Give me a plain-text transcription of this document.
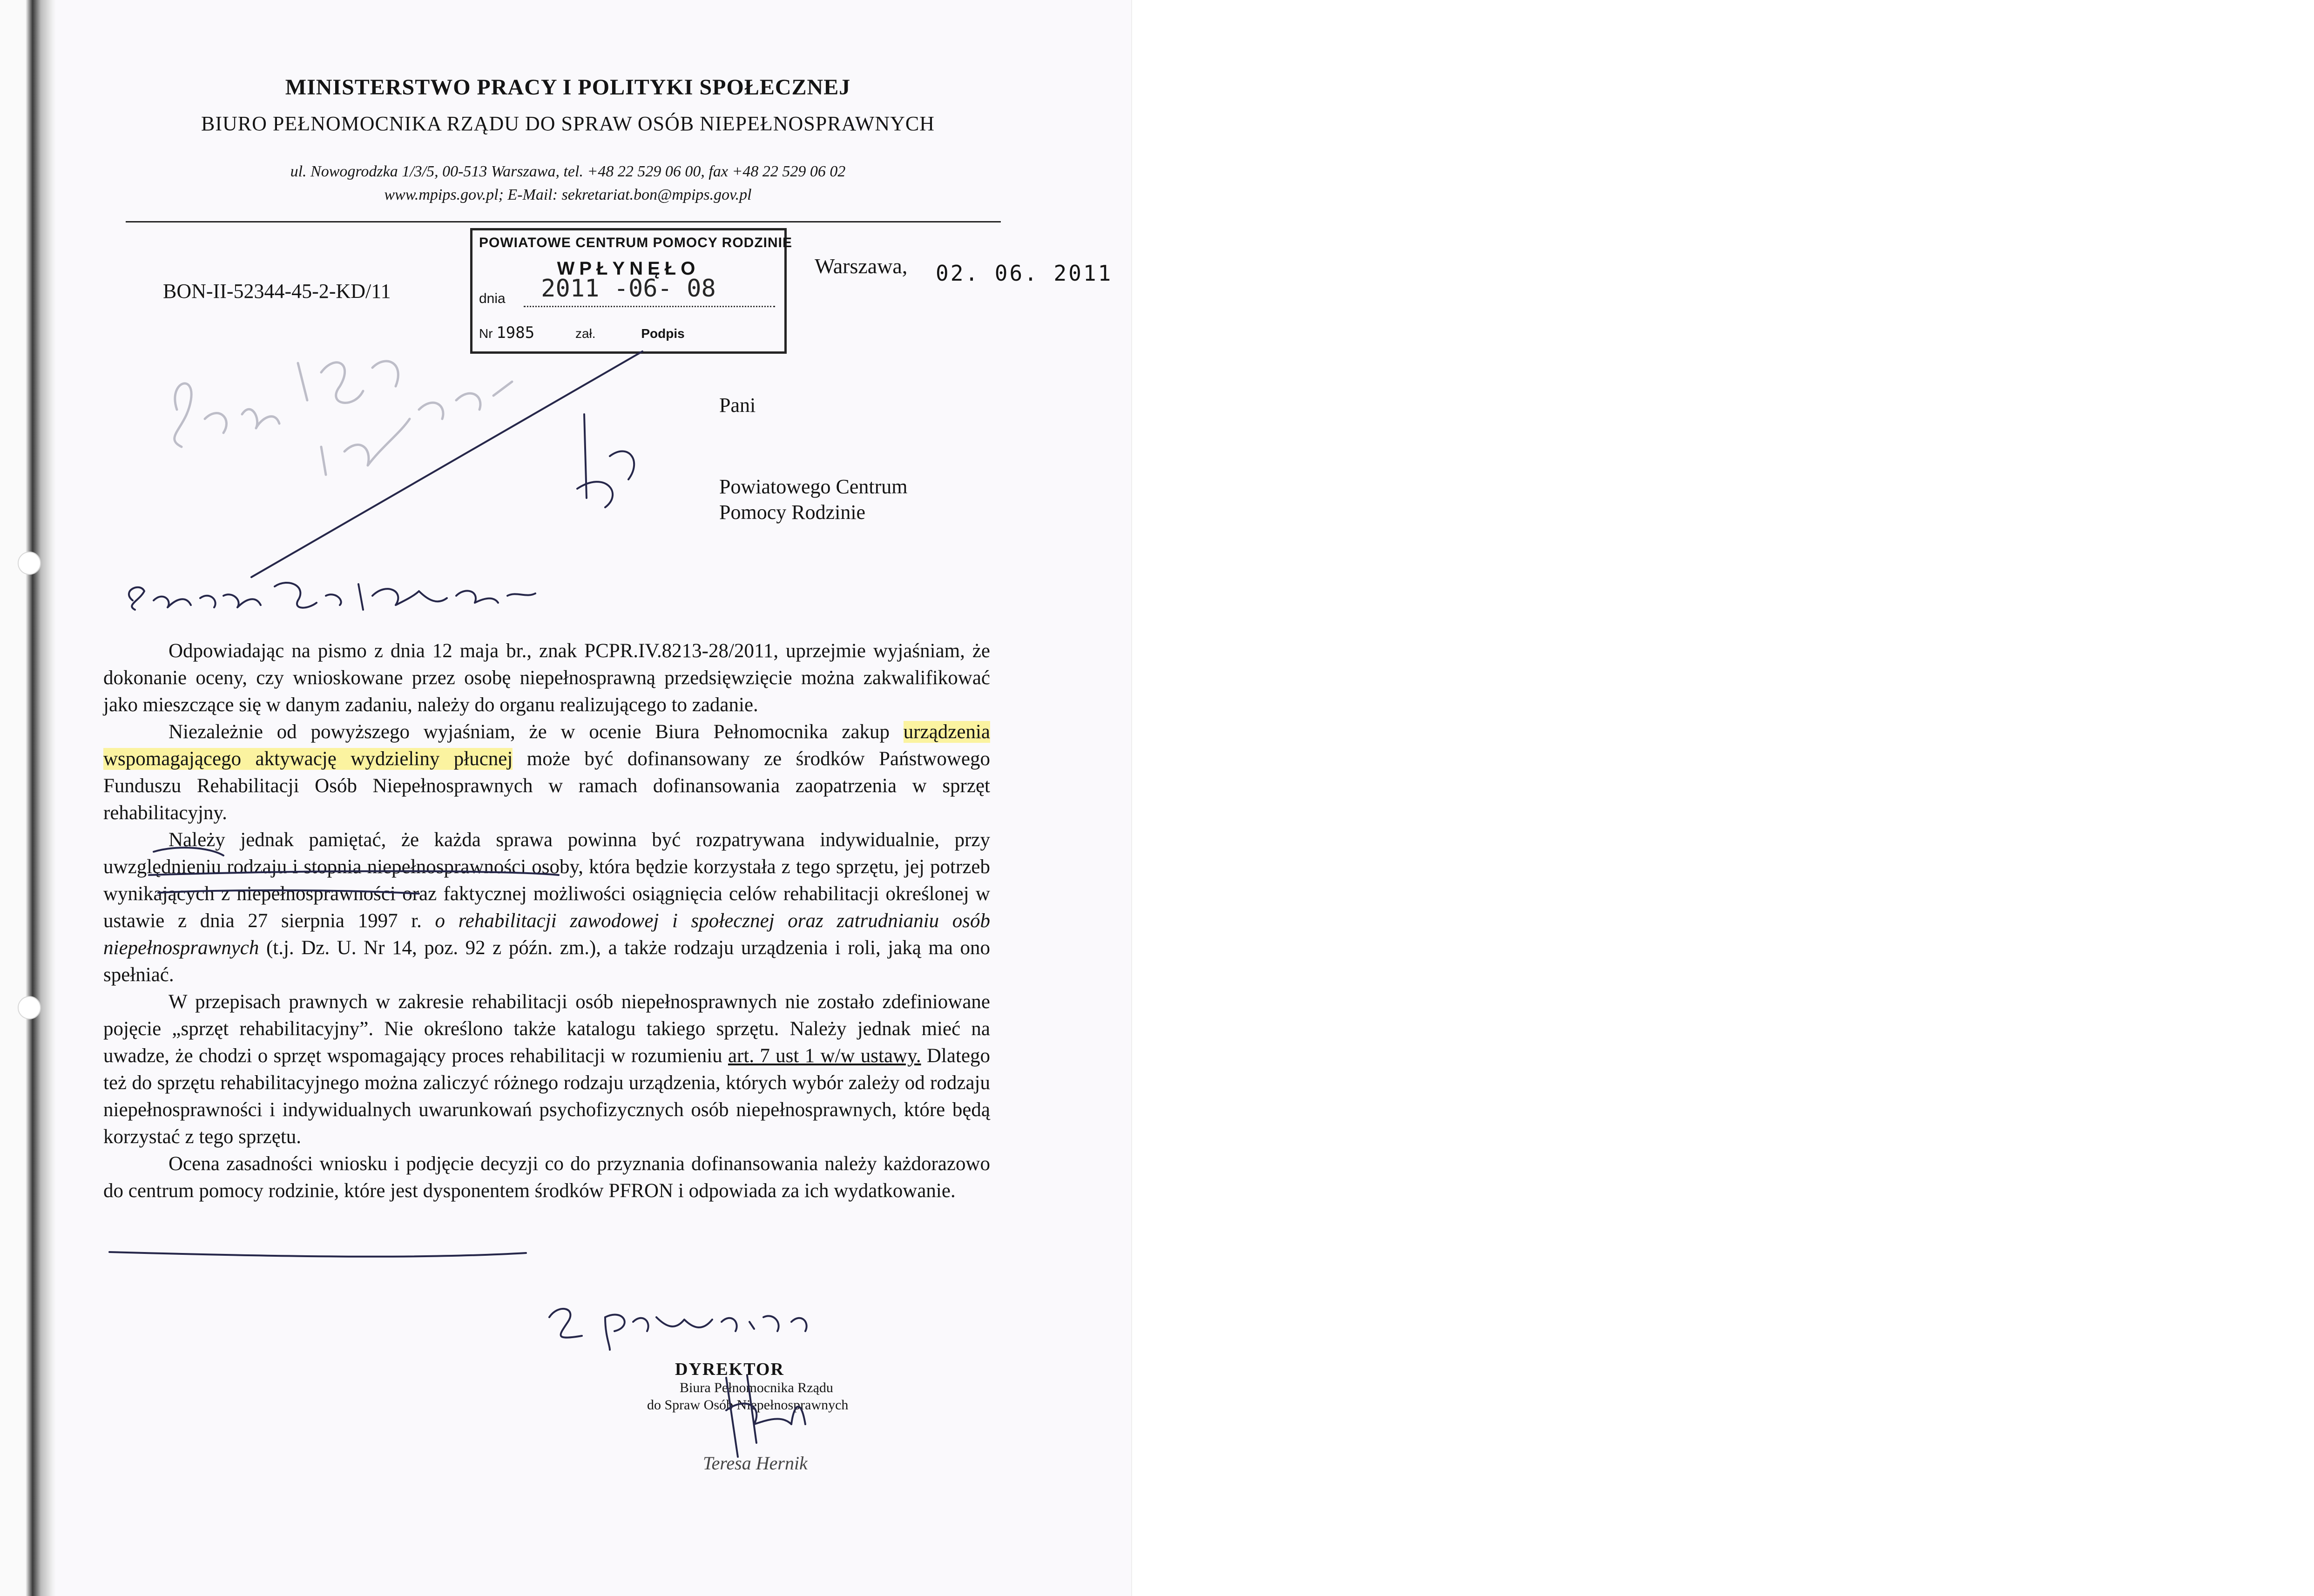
MINISTERSTWO PRACY I POLITYKI SPOŁECZNEJ
BIURO PEŁNOMOCNIKA RZĄDU DO SPRAW OSÓB NIEPEŁNOSPRAWNYCH
ul. Nowogrodzka 1/3/5, 00-513 Warszawa, tel. +48 22 529 06 00, fax +48 22 529 06 02
www.mpips.gov.pl; E-Mail: sekretariat.bon@mpips.gov.pl
POWIATOWE CENTRUM POMOCY RODZINIE
WPŁYNĘŁO
2011 -06- 08
dnia
Nr 1985	zał.	Podpis
Warszawa, 02. 06. 2011
BON-II-52344-45-2-KD/11
Pani
Powiatowego Centrum
Pomocy Rodzinie

Odpowiadając na pismo z dnia 12 maja br., znak PCPR.IV.8213-28/2011, uprzejmie wyjaśniam, że dokonanie oceny, czy wnioskowane przez osobę niepełnosprawną przedsięwzięcie można zakwalifikować jako mieszczące się w danym zadaniu, należy do organu realizującego to zadanie.

Niezależnie od powyższego wyjaśniam, że w ocenie Biura Pełnomocnika zakup urządzenia wspomagającego aktywację wydzieliny płucnej może być dofinansowany ze środków Państwowego Funduszu Rehabilitacji Osób Niepełnosprawnych w ramach dofinansowania zaopatrzenia w sprzęt rehabilitacyjny.

Należy jednak pamiętać, że każda sprawa powinna być rozpatrywana indywidualnie, przy uwzględnieniu rodzaju i stopnia niepełnosprawności osoby, która będzie korzystała z tego sprzętu, jej potrzeb wynikających z niepełnosprawności oraz faktycznej możliwości osiągnięcia celów rehabilitacji określonej w ustawie z dnia 27 sierpnia 1997 r. o rehabilitacji zawodowej i społecznej oraz zatrudnianiu osób niepełnosprawnych (t.j. Dz. U. Nr 14, poz. 92 z późn. zm.), a także rodzaju urządzenia i roli, jaką ma ono spełniać.

W przepisach prawnych w zakresie rehabilitacji osób niepełnosprawnych nie zostało zdefiniowane pojęcie „sprzęt rehabilitacyjny”. Nie określono także katalogu takiego sprzętu. Należy jednak mieć na uwadze, że chodzi o sprzęt wspomagający proces rehabilitacji w rozumieniu art. 7 ust 1 w/w ustawy. Dlatego też do sprzętu rehabilitacyjnego można zaliczyć różnego rodzaju urządzenia, których wybór zależy od rodzaju niepełnosprawności i indywidualnych uwarunkowań psychofizycznych osób niepełnosprawnych, które będą korzystać z tego sprzętu.

Ocena zasadności wniosku i podjęcie decyzji co do przyznania dofinansowania należy każdorazowo do centrum pomocy rodzinie, które jest dysponentem środków PFRON i odpowiada za ich wydatkowanie.

DYREKTOR
Biura Pełnomocnika Rządu
do Spraw Osób Niepełnosprawnych
Teresa Hernik
